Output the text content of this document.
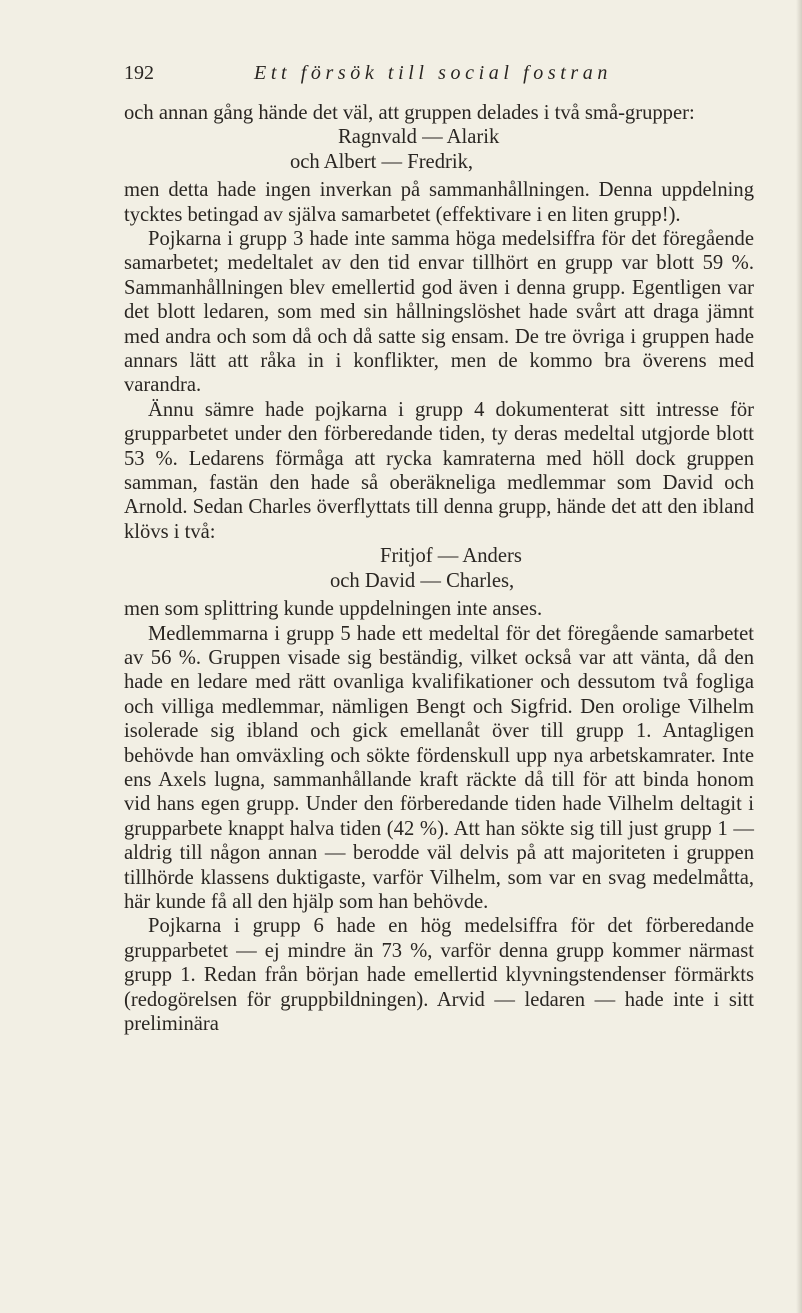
192	Ett försök till social fostran

och annan gång hände det väl, att gruppen delades i två små-grupper:

Ragnvald — Alarik
och Albert — Fredrik,

men detta hade ingen inverkan på sammanhållningen. Denna uppdelning tycktes betingad av själva samarbetet (effektivare i en liten grupp!).

Pojkarna i grupp 3 hade inte samma höga medelsiffra för det föregående samarbetet; medeltalet av den tid envar tillhört en grupp var blott 59 %. Sammanhållningen blev emellertid god även i denna grupp. Egentligen var det blott ledaren, som med sin hållningslöshet hade svårt att draga jämnt med andra och som då och då satte sig ensam. De tre övriga i gruppen hade annars lätt att råka in i konflikter, men de kommo bra överens med varandra.

Ännu sämre hade pojkarna i grupp 4 dokumenterat sitt intresse för grupparbetet under den förberedande tiden, ty deras medeltal utgjorde blott 53 %. Ledarens förmåga att rycka kamraterna med höll dock gruppen samman, fastän den hade så oberäkneliga medlemmar som David och Arnold. Sedan Charles överflyttats till denna grupp, hände det att den ibland klövs i två:

Fritjof — Anders
och David — Charles,

men som splittring kunde uppdelningen inte anses.

Medlemmarna i grupp 5 hade ett medeltal för det föregående samarbetet av 56 %. Gruppen visade sig beständig, vilket också var att vänta, då den hade en ledare med rätt ovanliga kvalifikationer och dessutom två fogliga och villiga medlemmar, nämligen Bengt och Sigfrid. Den orolige Vilhelm isolerade sig ibland och gick emellanåt över till grupp 1. Antagligen behövde han omväxling och sökte fördenskull upp nya arbetskamrater. Inte ens Axels lugna, sammanhållande kraft räckte då till för att binda honom vid hans egen grupp. Under den förberedande tiden hade Vilhelm deltagit i grupparbete knappt halva tiden (42 %). Att han sökte sig till just grupp 1 — aldrig till någon annan — berodde väl delvis på att majoriteten i gruppen tillhörde klassens duktigaste, varför Vilhelm, som var en svag medelmåtta, här kunde få all den hjälp som han behövde.

Pojkarna i grupp 6 hade en hög medelsiffra för det förberedande grupparbetet — ej mindre än 73 %, varför denna grupp kommer närmast grupp 1. Redan från början hade emellertid klyvningstendenser förmärkts (redogörelsen för gruppbildningen). Arvid — ledaren — hade inte i sitt preliminära
